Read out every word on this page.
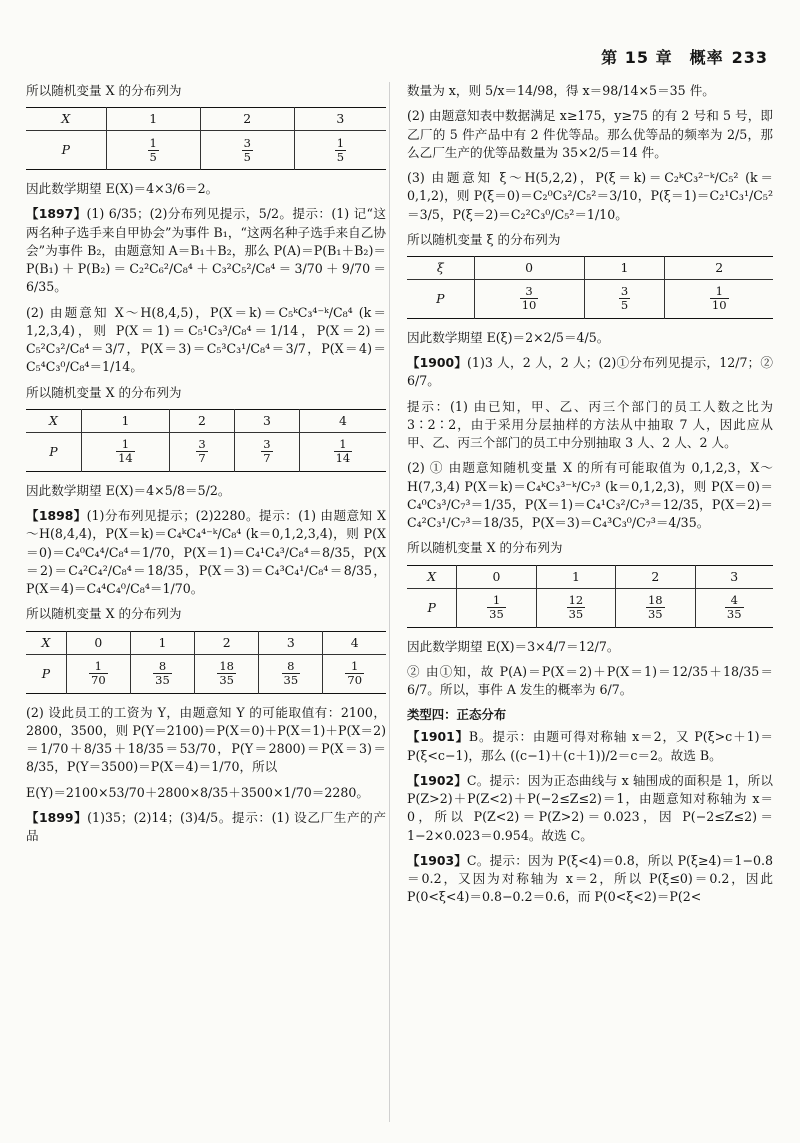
第 15 章　概率 233

所以随机变量 X 的分布列为

X	1	2	3
P	$\frac{1}{5}$	$\frac{3}{5}$	$\frac{1}{5}$

因此数学期望 E(X)＝4×3/6＝2。

【1897】(1) 6/35；(2)分布列见提示，5/2。提示：(1) 记“这两名种子选手来自甲协会”为事件 B₁，“这两名种子选手来自乙协会”为事件 B₂，由题意知 A＝B₁＋B₂，那么 P(A)＝P(B₁＋B₂)＝P(B₁)＋P(B₂)＝C₂²C₆²/C₈⁴＋C₃²C₅²/C₈⁴＝3/70＋9/70＝6/35。

(2) 由题意知 X～H(8,4,5)，P(X＝k)＝C₅ᵏC₃⁴⁻ᵏ/C₈⁴ (k＝1,2,3,4)，则 P(X＝1)＝C₅¹C₃³/C₈⁴＝1/14，P(X＝2)＝C₅²C₃²/C₈⁴＝3/7，P(X＝3)＝C₅³C₃¹/C₈⁴＝3/7，P(X＝4)＝C₅⁴C₃⁰/C₈⁴＝1/14。

所以随机变量 X 的分布列为

X	1	2	3	4
P	$\frac{1}{14}$	$\frac{3}{7}$	$\frac{3}{7}$	$\frac{1}{14}$

因此数学期望 E(X)＝4×5/8＝5/2。

【1898】(1)分布列见提示；(2)2280。提示：(1) 由题意知 X～H(8,4,4)，P(X＝k)＝C₄ᵏC₄⁴⁻ᵏ/C₈⁴ (k＝0,1,2,3,4)，则 P(X＝0)＝C₄⁰C₄⁴/C₈⁴＝1/70，P(X＝1)＝C₄¹C₄³/C₈⁴＝8/35，P(X＝2)＝C₄²C₄²/C₈⁴＝18/35，P(X＝3)＝C₄³C₄¹/C₈⁴＝8/35，P(X＝4)＝C₄⁴C₄⁰/C₈⁴＝1/70。

所以随机变量 X 的分布列为

X	0	1	2	3	4
P	$\frac{1}{70}$	$\frac{8}{35}$	$\frac{18}{35}$	$\frac{8}{35}$	$\frac{1}{70}$

(2) 设此员工的工资为 Y，由题意知 Y 的可能取值有：2100，2800，3500，则 P(Y＝2100)＝P(X＝0)＋P(X＝1)＋P(X＝2)＝1/70＋8/35＋18/35＝53/70，P(Y＝2800)＝P(X＝3)＝8/35，P(Y＝3500)＝P(X＝4)＝1/70，所以

E(Y)＝2100×53/70＋2800×8/35＋3500×1/70＝2280。

【1899】(1)35；(2)14；(3)4/5。提示：(1) 设乙厂生产的产品

数量为 x，则 5/x＝14/98，得 x＝98/14×5＝35 件。

(2) 由题意知表中数据满足 x≥175，y≥75 的有 2 号和 5 号，即乙厂的 5 件产品中有 2 件优等品。那么优等品的频率为 2/5，那么乙厂生产的优等品数量为 35×2/5＝14 件。

(3) 由题意知 ξ～H(5,2,2)，P(ξ＝k)＝C₂ᵏC₃²⁻ᵏ/C₅² (k＝0,1,2)，则 P(ξ＝0)＝C₂⁰C₃²/C₅²＝3/10，P(ξ＝1)＝C₂¹C₃¹/C₅²＝3/5，P(ξ＝2)＝C₂²C₃⁰/C₅²＝1/10。

所以随机变量 ξ 的分布列为

ξ	0	1	2
P	$\frac{3}{10}$	$\frac{3}{5}$	$\frac{1}{10}$

因此数学期望 E(ξ)＝2×2/5＝4/5。

【1900】(1)3 人，2 人，2 人；(2)①分布列见提示，12/7；② 6/7。

提示：(1) 由已知，甲、乙、丙三个部门的员工人数之比为 3∶2∶2，由于采用分层抽样的方法从中抽取 7 人，因此应从甲、乙、丙三个部门的员工中分别抽取 3 人、2 人、2 人。

(2) ① 由题意知随机变量 X 的所有可能取值为 0,1,2,3，X～H(7,3,4) P(X＝k)＝C₄ᵏC₃³⁻ᵏ/C₇³ (k＝0,1,2,3)，则 P(X＝0)＝C₄⁰C₃³/C₇³＝1/35，P(X＝1)＝C₄¹C₃²/C₇³＝12/35，P(X＝2)＝C₄²C₃¹/C₇³＝18/35，P(X＝3)＝C₄³C₃⁰/C₇³＝4/35。

所以随机变量 X 的分布列为

X	0	1	2	3
P	$\frac{1}{35}$	$\frac{12}{35}$	$\frac{18}{35}$	$\frac{4}{35}$

因此数学期望 E(X)＝3×4/7＝12/7。

② 由①知，故 P(A)＝P(X＝2)＋P(X＝1)＝12/35＋18/35＝6/7。所以，事件 A 发生的概率为 6/7。

类型四：正态分布

【1901】B。提示：由题可得对称轴 x＝2，又 P(ξ>c＋1)＝P(ξ<c−1)，那么 ((c−1)＋(c＋1))/2＝c＝2。故选 B。

【1902】C。提示：因为正态曲线与 x 轴围成的面积是 1，所以 P(Z>2)＋P(Z<2)＋P(−2≤Z≤2)＝1，由题意知对称轴为 x＝0，所以 P(Z<2)＝P(Z>2)＝0.023，因 P(−2≤Z≤2)＝1−2×0.023＝0.954。故选 C。

【1903】C。提示：因为 P(ξ<4)＝0.8，所以 P(ξ≥4)＝1−0.8＝0.2，又因为对称轴为 x＝2，所以 P(ξ≤0)＝0.2，因此 P(0<ξ<4)＝0.8−0.2＝0.6，而 P(0<ξ<2)＝P(2<
